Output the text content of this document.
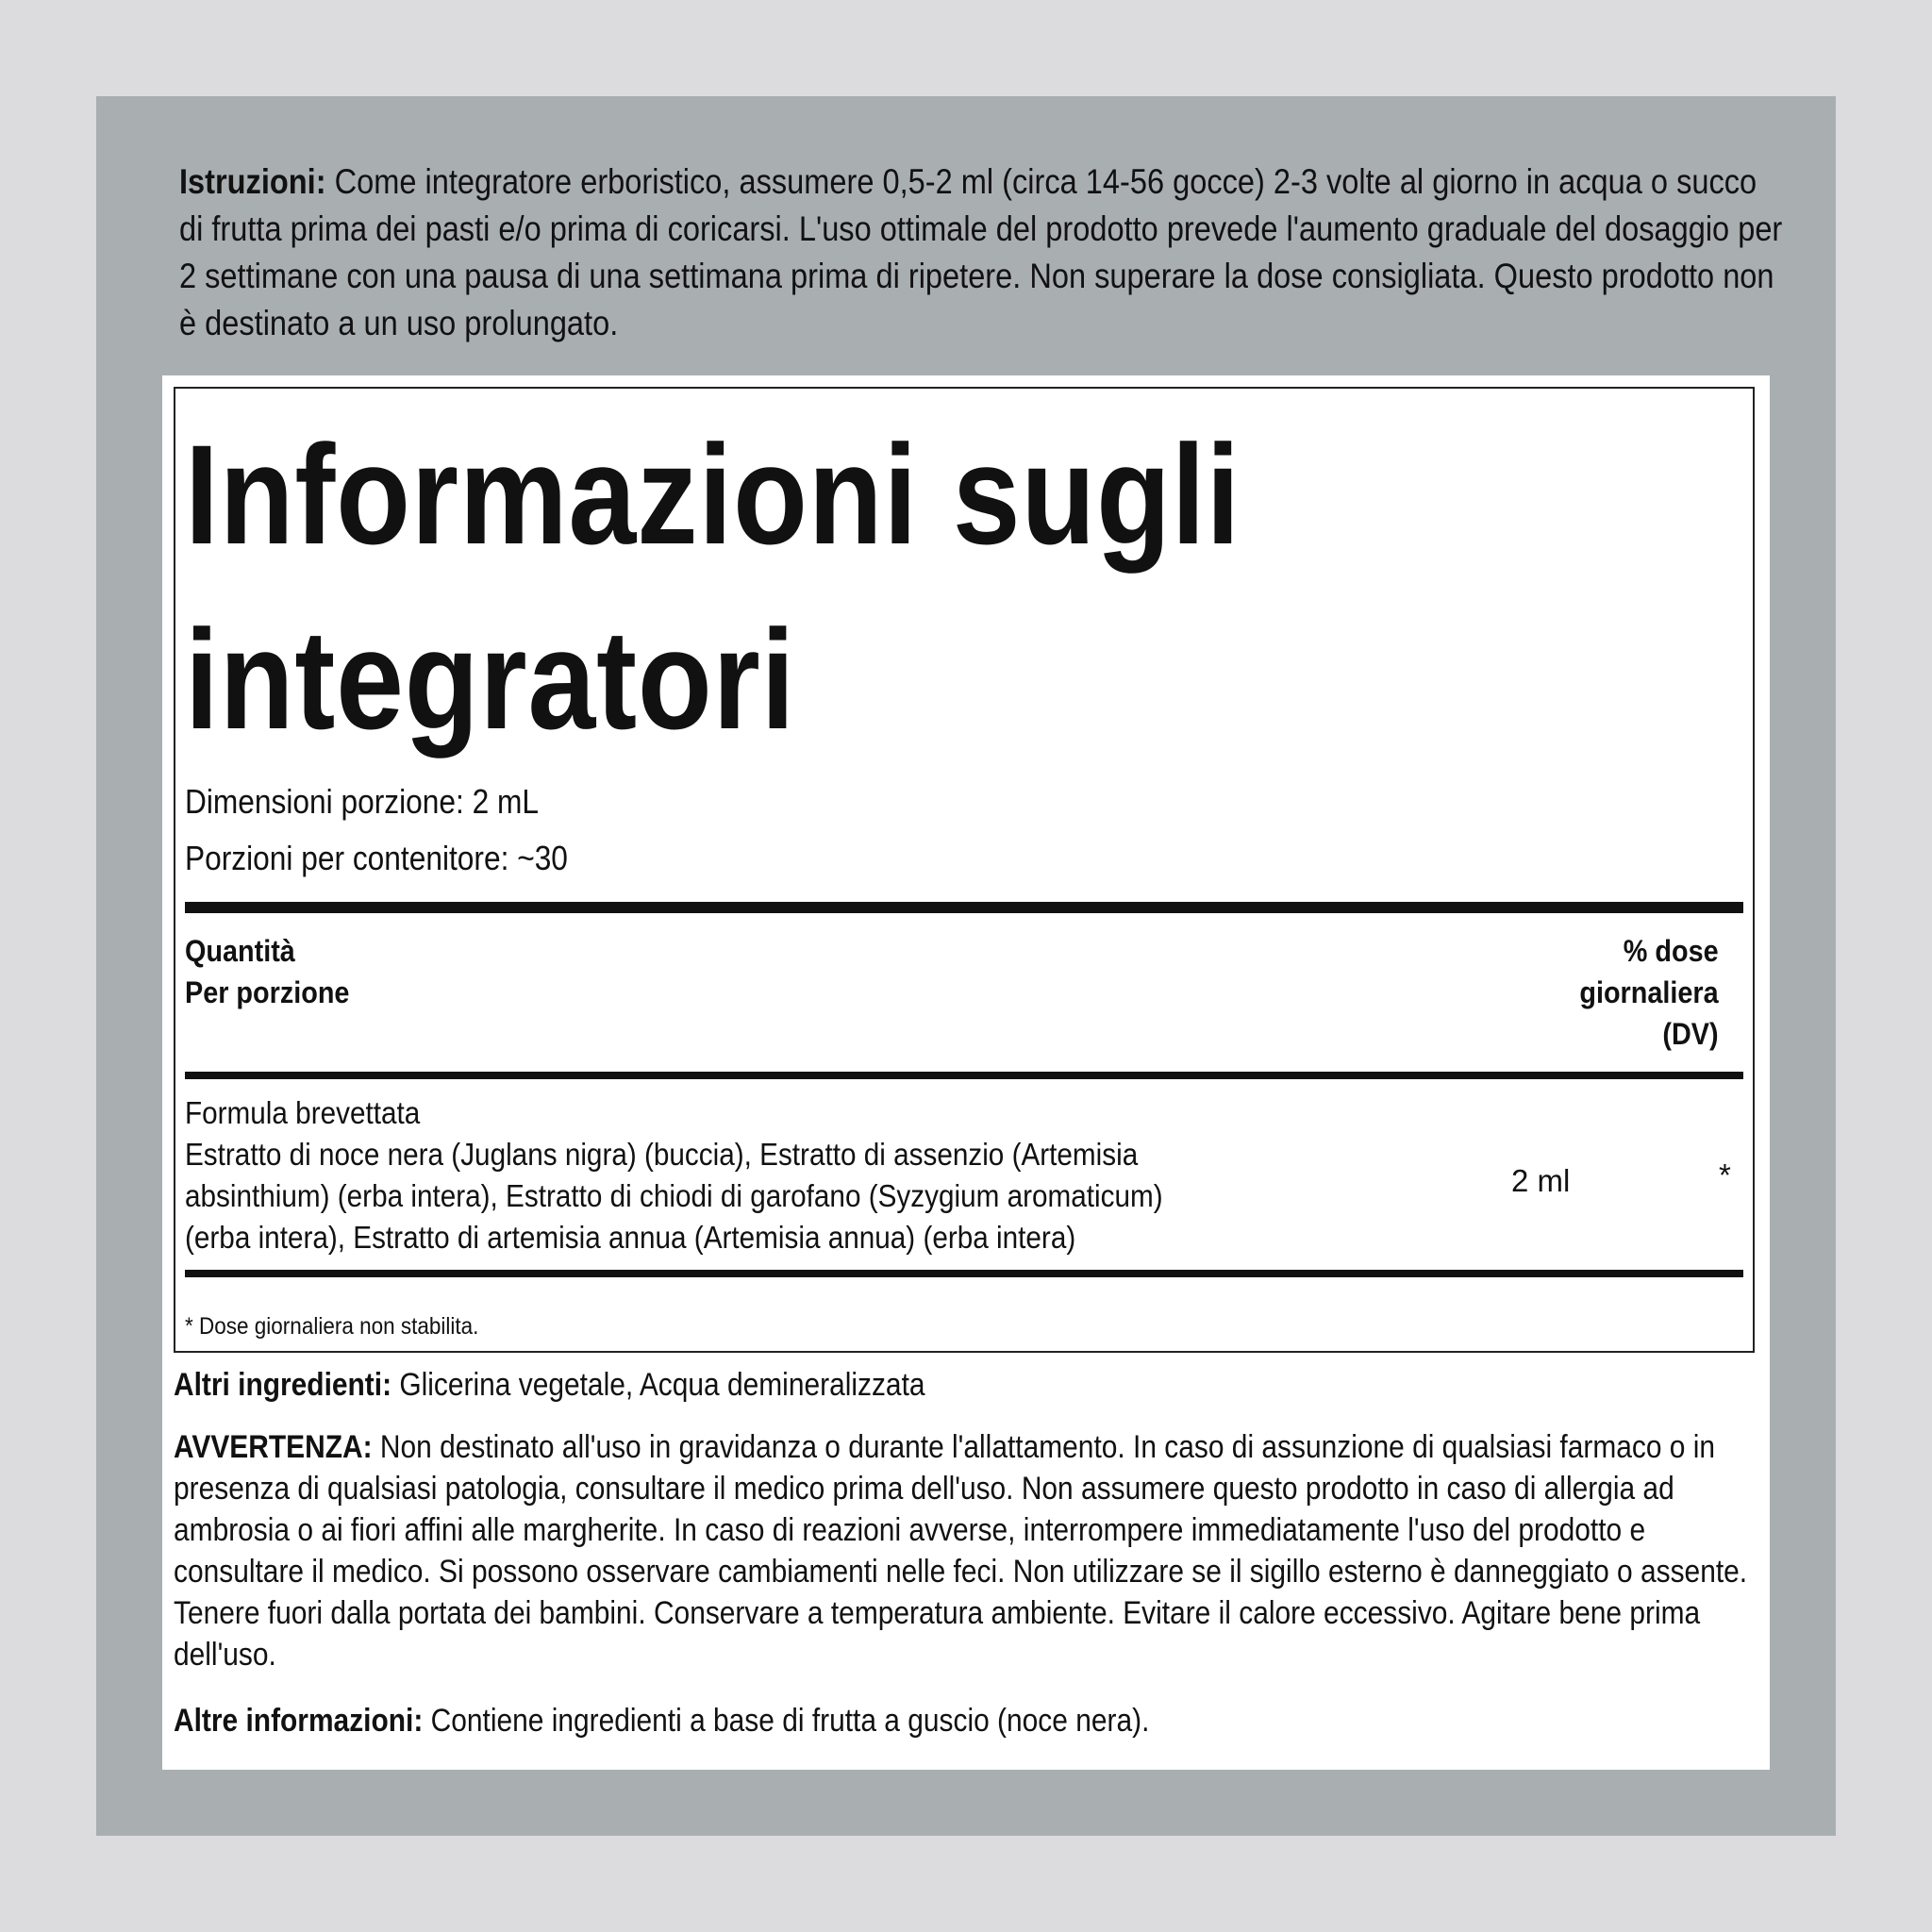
Istruzioni: Come integratore erboristico, assumere 0,5-2 ml (circa 14-56 gocce) 2-3 volte al giorno in acqua o succo di frutta prima dei pasti e/o prima di coricarsi. L'uso ottimale del prodotto prevede l'aumento graduale del dosaggio per 2 settimane con una pausa di una settimana prima di ripetere. Non superare la dose consigliata. Questo prodotto non è destinato a un uso prolungato.
Informazioni sugli
integratori
Dimensioni porzione: 2 mL
Porzioni per contenitore: ~30
Quantità
Per porzione
% dose
giornaliera
(DV)
Formula brevettata
Estratto di noce nera (Juglans nigra) (buccia), Estratto di assenzio (Artemisia
absinthium) (erba intera), Estratto di chiodi di garofano (Syzygium aromaticum)
(erba intera), Estratto di artemisia annua (Artemisia annua) (erba intera)
2 ml	*
* Dose giornaliera non stabilita.
Altri ingredienti: Glicerina vegetale, Acqua demineralizzata
AVVERTENZA: Non destinato all'uso in gravidanza o durante l'allattamento. In caso di assunzione di qualsiasi farmaco o in presenza di qualsiasi patologia, consultare il medico prima dell'uso. Non assumere questo prodotto in caso di allergia ad ambrosia o ai fiori affini alle margherite. In caso di reazioni avverse, interrompere immediatamente l'uso del prodotto e consultare il medico. Si possono osservare cambiamenti nelle feci. Non utilizzare se il sigillo esterno è danneggiato o assente. Tenere fuori dalla portata dei bambini. Conservare a temperatura ambiente. Evitare il calore eccessivo. Agitare bene prima dell'uso.
Altre informazioni: Contiene ingredienti a base di frutta a guscio (noce nera).
